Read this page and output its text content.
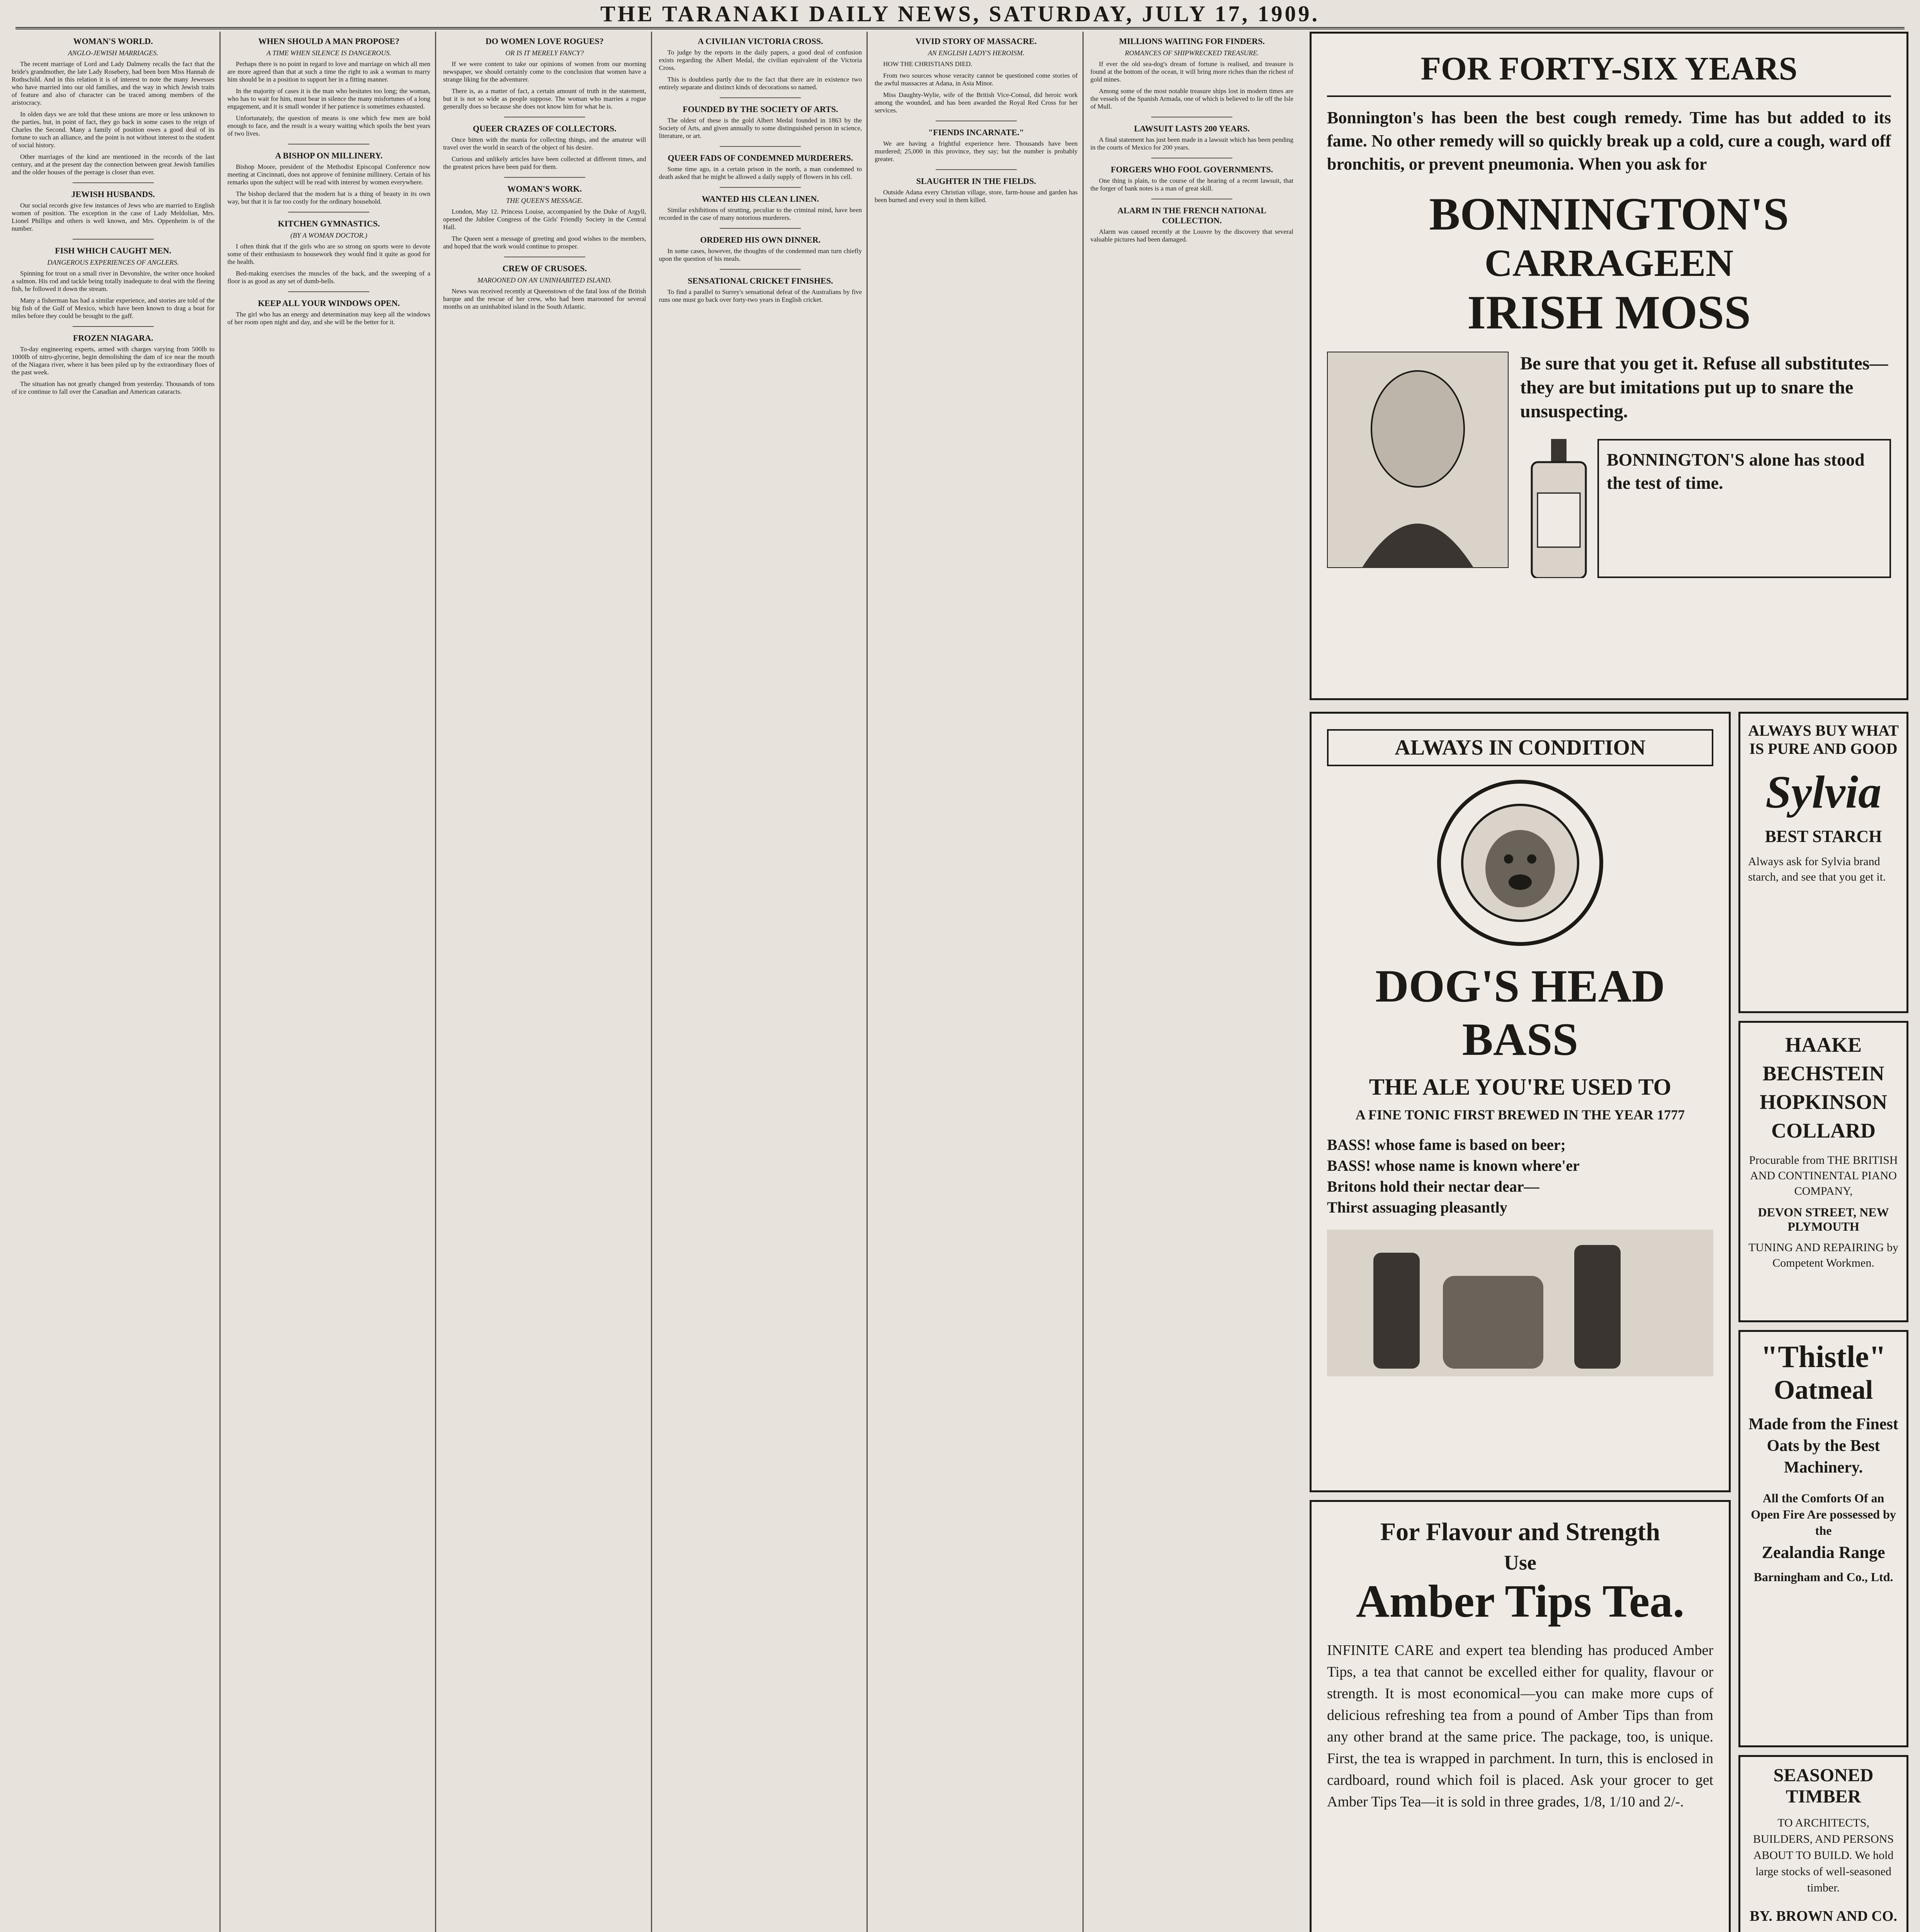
THE TARANAKI DAILY NEWS, SATURDAY, JULY 17, 1909.
WOMAN'S WORLD.
ANGLO-JEWISH MARRIAGES.

The recent marriage of Lord and Lady Dalmeny recalls the fact that the bride's grandmother, the late Lady Rosebery, had been born Miss Hannah de Rothschild. And in this relation it is of interest to note the many Jewesses who have married into our old families, and the way in which Jewish traits of feature and also of character can be traced among members of the aristocracy.

In olden days we are told that these unions are more or less unknown to the parties, but, in point of fact, they go back in some cases to the reign of Charles the Second. Many a family of position owes a good deal of its fortune to such an alliance, and the point is not without interest to the student of social history.

Other marriages of the kind are mentioned in the records of the last century, and at the present day the connection between great Jewish families and the older houses of the peerage is closer than ever.

JEWISH HUSBANDS.

Our social records give few instances of Jews who are married to English women of position. The exception in the case of Lady Meldolian, Mrs. Lionel Phillips and others is well known, and Mrs. Oppenheim is of the number.

FISH WHICH CAUGHT MEN.
DANGEROUS EXPERIENCES OF ANGLERS.

Spinning for trout on a small river in Devonshire, the writer once hooked a salmon. His rod and tackle being totally inadequate to deal with the fleeing fish, he followed it down the stream.

Many a fisherman has had a similar experience, and stories are told of the big fish of the Gulf of Mexico, which have been known to drag a boat for miles before they could be brought to the gaff.

FROZEN NIAGARA.

To-day engineering experts, armed with charges varying from 500lb to 1000lb of nitro-glycerine, begin demolishing the dam of ice near the mouth of the Niagara river, where it has been piled up by the extraordinary floes of the past week.

The situation has not greatly changed from yesterday. Thousands of tons of ice continue to fall over the Canadian and American cataracts.

WHEN SHOULD A MAN PROPOSE?
A TIME WHEN SILENCE IS DANGEROUS.

Perhaps there is no point in regard to love and marriage on which all men are more agreed than that at such a time the right to ask a woman to marry him should be in a position to support her in a fitting manner.

In the majority of cases it is the man who hesitates too long; the woman, who has to wait for him, must bear in silence the many misfortunes of a long engagement, and it is small wonder if her patience is sometimes exhausted.

Unfortunately, the question of means is one which few men are bold enough to face, and the result is a weary waiting which spoils the best years of two lives.

A BISHOP ON MILLINERY.

Bishop Moore, president of the Methodist Episcopal Conference now meeting at Cincinnati, does not approve of feminine millinery. Certain of his remarks upon the subject will be read with interest by women everywhere.

The bishop declared that the modern hat is a thing of beauty in its own way, but that it is far too costly for the ordinary household.

KITCHEN GYMNASTICS.
(BY A WOMAN DOCTOR.)

I often think that if the girls who are so strong on sports were to devote some of their enthusiasm to housework they would find it quite as good for the health.

Bed-making exercises the muscles of the back, and the sweeping of a floor is as good as any set of dumb-bells.

KEEP ALL YOUR WINDOWS OPEN.

The girl who has an energy and determination may keep all the windows of her room open night and day, and she will be the better for it.

DO WOMEN LOVE ROGUES?
OR IS IT MERELY FANCY?

If we were content to take our opinions of women from our morning newspaper, we should certainly come to the conclusion that women have a strange liking for the adventurer.

There is, as a matter of fact, a certain amount of truth in the statement, but it is not so wide as people suppose. The woman who marries a rogue generally does so because she does not know him for what he is.

QUEER CRAZES OF COLLECTORS.

Once bitten with the mania for collecting things, and the amateur will travel over the world in search of the object of his desire.

Curious and unlikely articles have been collected at different times, and the greatest prices have been paid for them.

WOMAN'S WORK.
THE QUEEN'S MESSAGE.

London, May 12. Princess Louise, accompanied by the Duke of Argyll, opened the Jubilee Congress of the Girls' Friendly Society in the Central Hall.

The Queen sent a message of greeting and good wishes to the members, and hoped that the work would continue to prosper.

CREW OF CRUSOES.
MAROONED ON AN UNINHABITED ISLAND.

News was received recently at Queenstown of the fatal loss of the British barque and the rescue of her crew, who had been marooned for several months on an uninhabited island in the South Atlantic.

A CIVILIAN VICTORIA CROSS.

To judge by the reports in the daily papers, a good deal of confusion exists regarding the Albert Medal, the civilian equivalent of the Victoria Cross.

This is doubtless partly due to the fact that there are in existence two entirely separate and distinct kinds of decorations so named.

FOUNDED BY THE SOCIETY OF ARTS.

The oldest of these is the gold Albert Medal founded in 1863 by the Society of Arts, and given annually to some distinguished person in science, literature, or art.

QUEER FADS OF CONDEMNED MURDERERS.

Some time ago, in a certain prison in the north, a man condemned to death asked that he might be allowed a daily supply of flowers in his cell.

WANTED HIS CLEAN LINEN.

Similar exhibitions of strutting, peculiar to the criminal mind, have been recorded in the case of many notorious murderers.

ORDERED HIS OWN DINNER.

In some cases, however, the thoughts of the condemned man turn chiefly upon the question of his meals.

SENSATIONAL CRICKET FINISHES.

To find a parallel to Surrey's sensational defeat of the Australians by five runs one must go back over forty-two years in English cricket.

VIVID STORY OF MASSACRE.
AN ENGLISH LADY'S HEROISM.

HOW THE CHRISTIANS DIED.

From two sources whose veracity cannot be questioned come stories of the awful massacres at Adana, in Asia Minor.

Miss Daughty-Wylie, wife of the British Vice-Consul, did heroic work among the wounded, and has been awarded the Royal Red Cross for her services.

"FIENDS INCARNATE."

We are having a frightful experience here. Thousands have been murdered; 25,000 in this province, they say; but the number is probably greater.

SLAUGHTER IN THE FIELDS.

Outside Adana every Christian village, store, farm-house and garden has been burned and every soul in them killed.

MILLIONS WAITING FOR FINDERS.
ROMANCES OF SHIPWRECKED TREASURE.

If ever the old sea-dog's dream of fortune is realised, and treasure is found at the bottom of the ocean, it will bring more riches than the richest of gold mines.

Among some of the most notable treasure ships lost in modern times are the vessels of the Spanish Armada, one of which is believed to lie off the Isle of Mull.

LAWSUIT LASTS 200 YEARS.

A final statement has just been made in a lawsuit which has been pending in the courts of Mexico for 200 years.

FORGERS WHO FOOL GOVERNMENTS.

One thing is plain, to the course of the hearing of a recent lawsuit, that the forger of bank notes is a man of great skill.

ALARM IN THE FRENCH NATIONAL COLLECTION.

Alarm was caused recently at the Louvre by the discovery that several valuable pictures had been damaged.

FOR FORTY-SIX YEARS
Bonnington's has been the best cough remedy. Time has but added to its fame. No other remedy will so quickly break up a cold, cure a cough, ward off bronchitis, or prevent pneumonia. When you ask for
BONNINGTON'S
CARRAGEEN
IRISH MOSS
Be sure that you get it. Refuse all substitutes—they are but imitations put up to snare the unsuspecting.
BONNINGTON'S alone has stood the test of time.
ALWAYS IN CONDITION
DOG'S HEAD
BASS
THE ALE YOU'RE USED TO
A FINE TONIC FIRST BREWED IN THE YEAR 1777
BASS! whose fame is based on beer;
BASS! whose name is known where'er
Britons hold their nectar dear—
Thirst assuaging pleasantly
ALWAYS BUY WHAT IS PURE AND GOOD
Sylvia
BEST STARCH
Always ask for Sylvia brand starch, and see that you get it.
HAAKE
BECHSTEIN
HOPKINSON
COLLARD
Procurable from THE BRITISH AND CONTINENTAL PIANO COMPANY,
DEVON STREET, NEW PLYMOUTH
TUNING AND REPAIRING by Competent Workmen.
"Thistle"
Oatmeal
Made from the Finest Oats by the Best Machinery.
All the Comforts Of an Open Fire Are possessed by the
Zealandia Range
Barningham and Co., Ltd.
For Flavour and Strength
Use
Amber Tips Tea.
INFINITE CARE and expert tea blending has produced Amber Tips, a tea that cannot be excelled either for quality, flavour or strength. It is most economical—you can make more cups of delicious refreshing tea from a pound of Amber Tips than from any other brand at the same price. The package, too, is unique. First, the tea is wrapped in parchment. In turn, this is enclosed in cardboard, round which foil is placed. Ask your grocer to get Amber Tips Tea—it is sold in three grades, 1/8, 1/10 and 2/-.
SEASONED TIMBER
TO ARCHITECTS, BUILDERS, AND PERSONS ABOUT TO BUILD. We hold large stocks of well-seasoned timber.
BY. BROWN AND CO.
